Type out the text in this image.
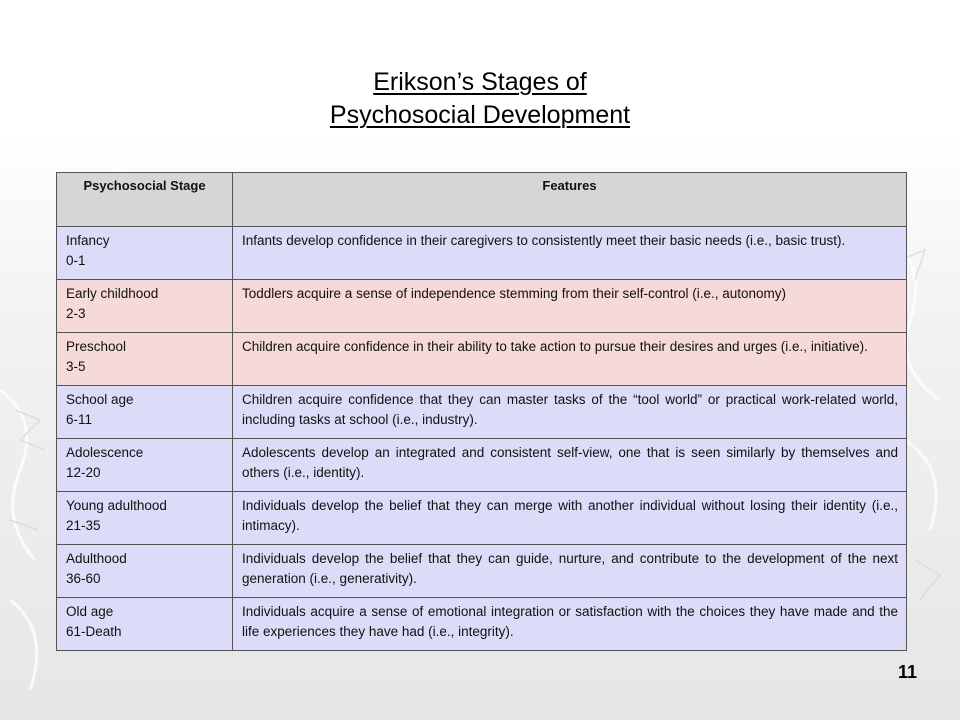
Erikson’s Stages of
Psychosocial Development
Psychosocial Stage	Features
Infancy
0-1	Infants develop confidence in their caregivers to consistently meet their basic needs (i.e., basic trust).
Early childhood
2-3	Toddlers acquire a sense of independence stemming from their self-control (i.e., autonomy)
Preschool
3-5	Children acquire confidence in their ability to take action to pursue their desires and urges (i.e., initiative).
School age
6-11	Children acquire confidence that they can master tasks of the “tool world” or practical work-related world, including tasks at school (i.e., industry).
Adolescence
12-20	Adolescents develop an integrated and consistent self-view, one that is seen similarly by themselves and others (i.e., identity).
Young adulthood
21-35	Individuals develop the belief that they can merge with another individual without losing their identity (i.e., intimacy).
Adulthood
36-60	Individuals develop the belief that they can guide, nurture, and contribute to the development of the next generation (i.e., generativity).
Old age
61-Death	Individuals acquire a sense of emotional integration or satisfaction with the choices they have made and the life experiences they have had (i.e., integrity).
11
